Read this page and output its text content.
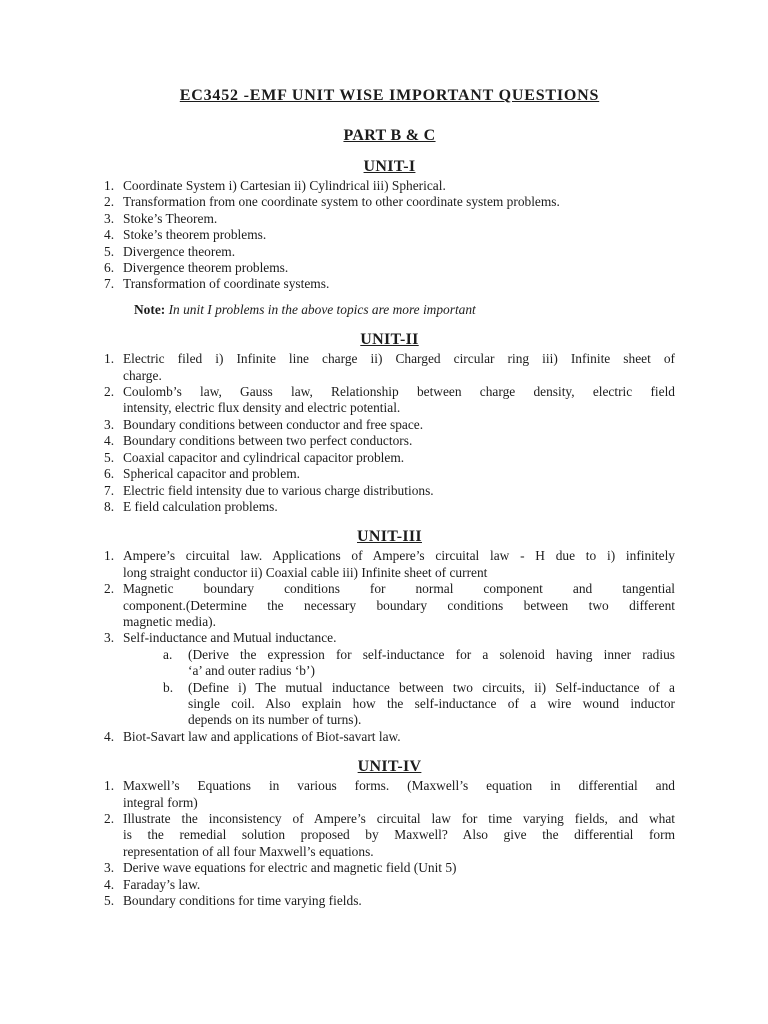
EC3452 -EMF UNIT WISE IMPORTANT QUESTIONS
PART B & C
UNIT-I
1. Coordinate System i) Cartesian ii) Cylindrical iii) Spherical.
2. Transformation from one coordinate system to other coordinate system problems.
3. Stoke’s Theorem.
4. Stoke’s theorem problems.
5. Divergence theorem.
6. Divergence theorem problems.
7. Transformation of coordinate systems.
Note: In unit I problems in the above topics are more important
UNIT-II
1. Electric filed i) Infinite line charge ii) Charged circular ring iii) Infinite sheet of
charge.
2. Coulomb’s law, Gauss law, Relationship between charge density, electric field
intensity, electric flux density and electric potential.
3. Boundary conditions between conductor and free space.
4. Boundary conditions between two perfect conductors.
5. Coaxial capacitor and cylindrical capacitor problem.
6. Spherical capacitor and problem.
7. Electric field intensity due to various charge distributions.
8. E field calculation problems.
UNIT-III
1. Ampere’s circuital law. Applications of Ampere’s circuital law - H due to i) infinitely
long straight conductor ii) Coaxial cable iii) Infinite sheet of current
2. Magnetic boundary conditions for normal component and tangential
component.(Determine the necessary boundary conditions between two different
magnetic media).
3. Self-inductance and Mutual inductance.
a. (Derive the expression for self-inductance for a solenoid having inner radius
‘a’ and outer radius ‘b’)
b. (Define i) The mutual inductance between two circuits, ii) Self-inductance of a
single coil. Also explain how the self-inductance of a wire wound inductor
depends on its number of turns).
4. Biot-Savart law and applications of Biot-savart law.
UNIT-IV
1. Maxwell’s Equations in various forms. (Maxwell’s equation in differential and
integral form)
2. Illustrate the inconsistency of Ampere’s circuital law for time varying fields, and what
is the remedial solution proposed by Maxwell? Also give the differential form
representation of all four Maxwell’s equations.
3. Derive wave equations for electric and magnetic field (Unit 5)
4. Faraday’s law.
5. Boundary conditions for time varying fields.
